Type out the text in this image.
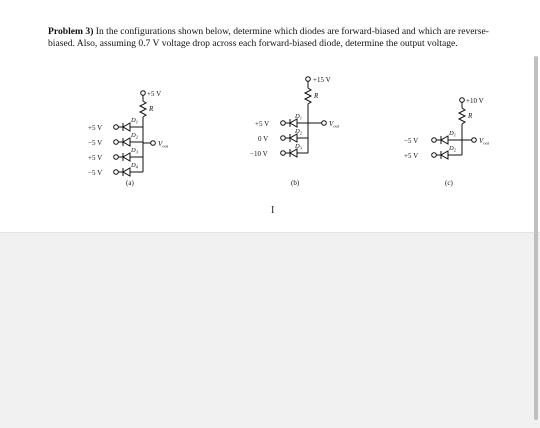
Problem 3) In the configurations shown below, determine which diodes are forward-biased and which are reverse-biased. Also, assuming 0.7 V voltage drop across each forward-biased diode, determine the output voltage.
+5 V
R
$V_{out}$
+5 V
−5 V
+5 V
−5 V
$D_1$
$D_2$
$D_3$
$D_4$
(a)
+15 V
R
$V_{out}$
+5 V
0 V
−10 V
$D_1$
$D_2$
$D_3$
(b)
+10 V
R
$V_{out}$
−5 V
+5 V
$D_1$
$D_2$
(c)
I
